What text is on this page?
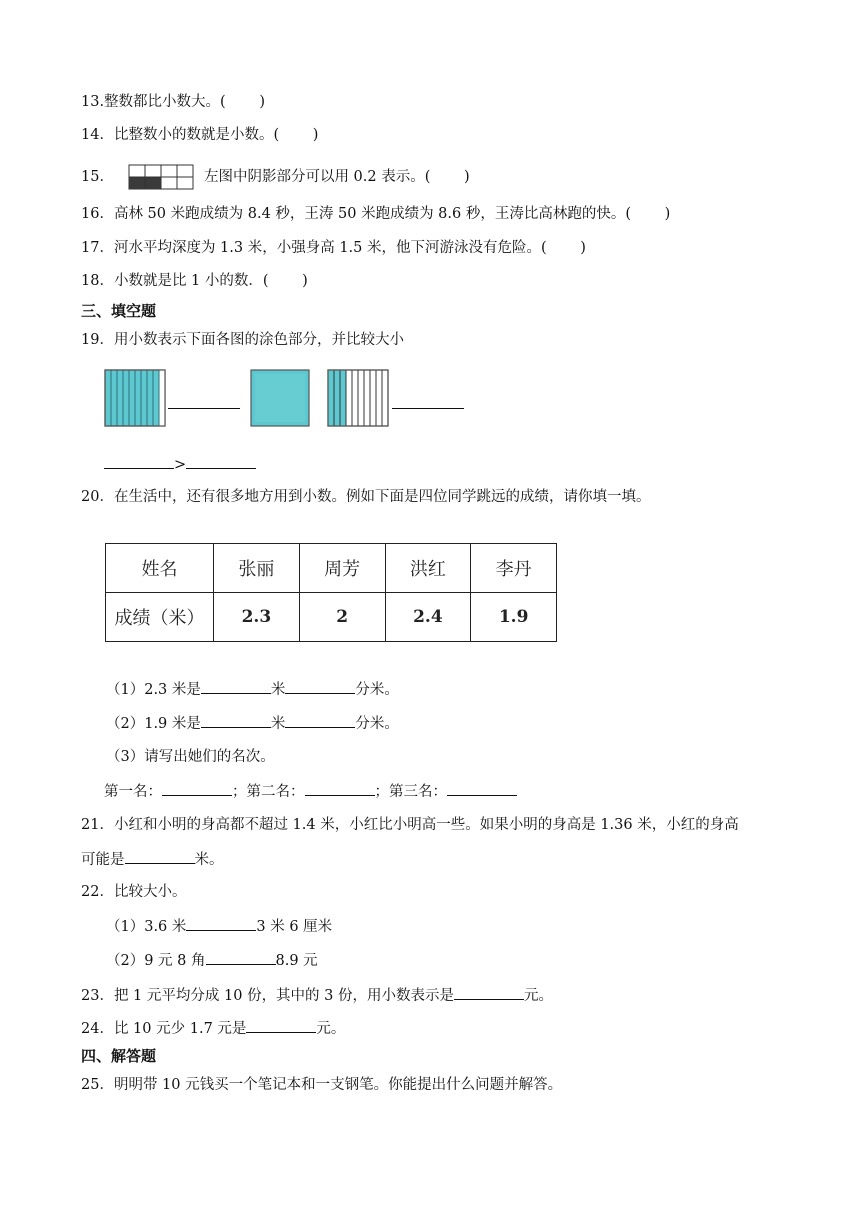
13.整数都比小数大。(　 　)
14．比整数小的数就是小数。(　 　)
15．	左图中阴影部分可以用 0.2 表示。(　 　)
16．高林 50 米跑成绩为 8.4 秒，王涛 50 米跑成绩为 8.6 秒，王涛比高林跑的快。(　 　)
17．河水平均深度为 1.3 米，小强身高 1.5 米，他下河游泳没有危险。(　 　)
18．小数就是比 1 小的数．(　 　)
三、填空题
19．用小数表示下面各图的涂色部分，并比较大小
>
20．在生活中，还有很多地方用到小数。例如下面是四位同学跳远的成绩，请你填一填。
姓名	张丽	周芳	洪红	李丹
成绩（米）	2.3	2	2.4	1.9
（1）2.3 米是	米	分米。
（2）1.9 米是	米	分米。
（3）请写出她们的名次。
第一名：	；第二名：	；第三名：
21．小红和小明的身高都不超过 1.4 米，小红比小明高一些。如果小明的身高是 1.36 米，小红的身高
可能是	米。
22．比较大小。
（1）3.6 米	3 米 6 厘米
（2）9 元 8 角	8.9 元
23．把 1 元平均分成 10 份，其中的 3 份，用小数表示是	元。
24．比 10 元少 1.7 元是	元。
四、解答题
25．明明带 10 元钱买一个笔记本和一支钢笔。你能提出什么问题并解答。
